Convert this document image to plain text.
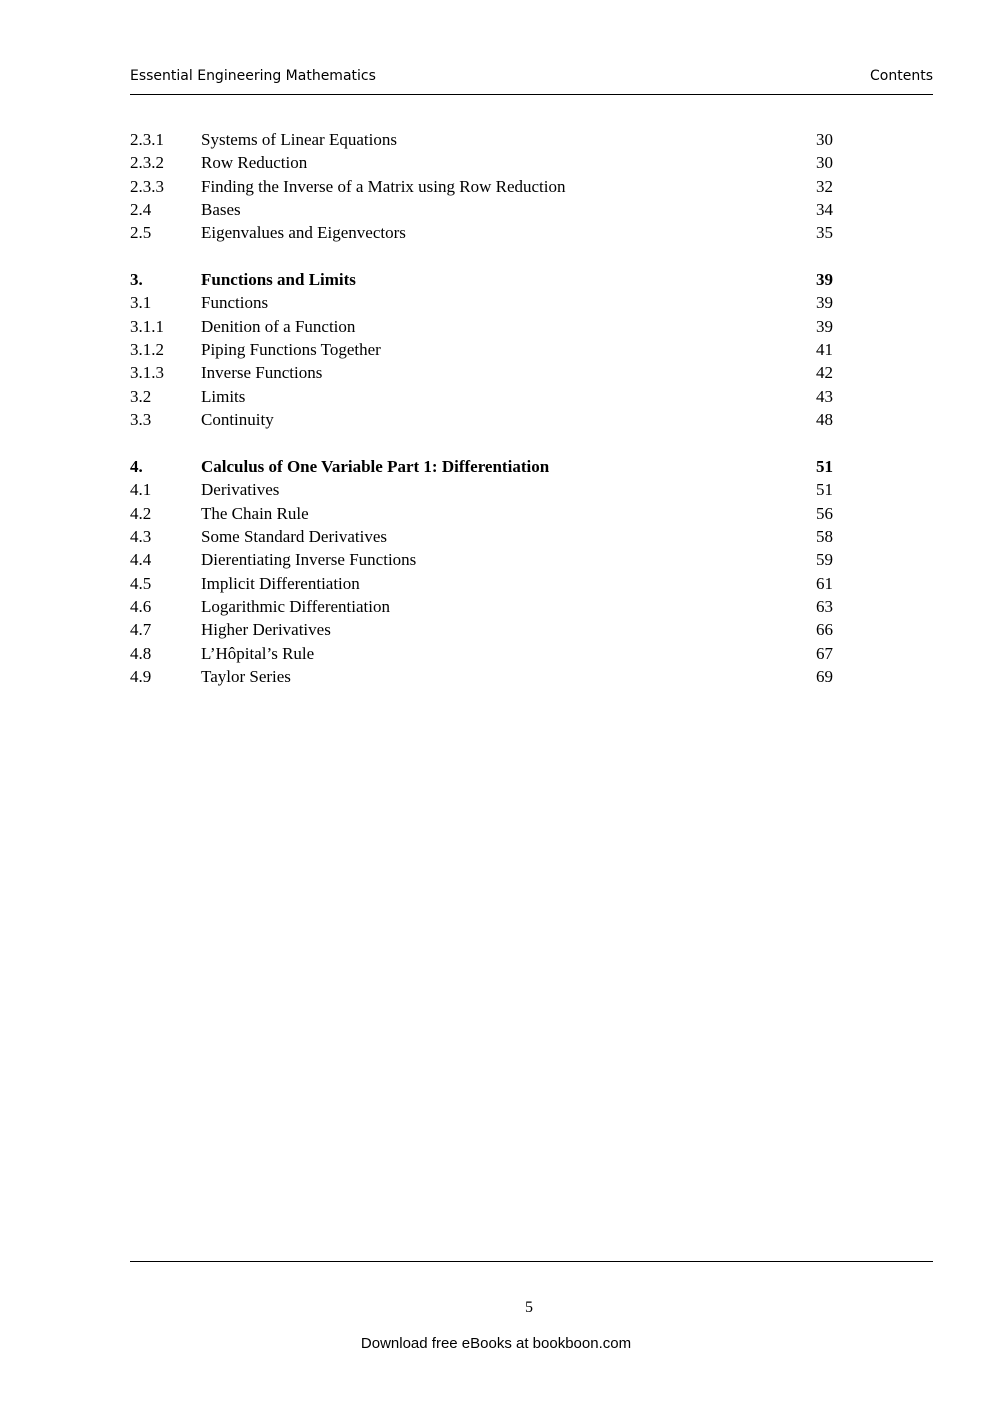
Essential Engineering Mathematics	Contents
2.3.1 Systems of Linear Equations	30
2.3.2 Row Reduction	30
2.3.3 Finding the Inverse of a Matrix using Row Reduction	32
2.4	Bases	34
2.5	Eigenvalues and Eigenvectors	35
3.	Functions and Limits	39
3.1	Functions	39
3.1.1 Denition of a Function	39
3.1.2 Piping Functions Together	41
3.1.3 Inverse Functions	42
3.2	Limits	43
3.3	Continuity	48
4.	Calculus of One Variable Part 1: Differentiation	51
4.1	Derivatives	51
4.2	The Chain Rule	56
4.3	Some Standard Derivatives	58
4.4	Dierentiating Inverse Functions	59
4.5	Implicit Differentiation	61
4.6	Logarithmic Differentiation	63
4.7	Higher Derivatives	66
4.8	L’Hôpital’s Rule	67
4.9	Taylor Series	69
5
Download free eBooks at bookboon.com
